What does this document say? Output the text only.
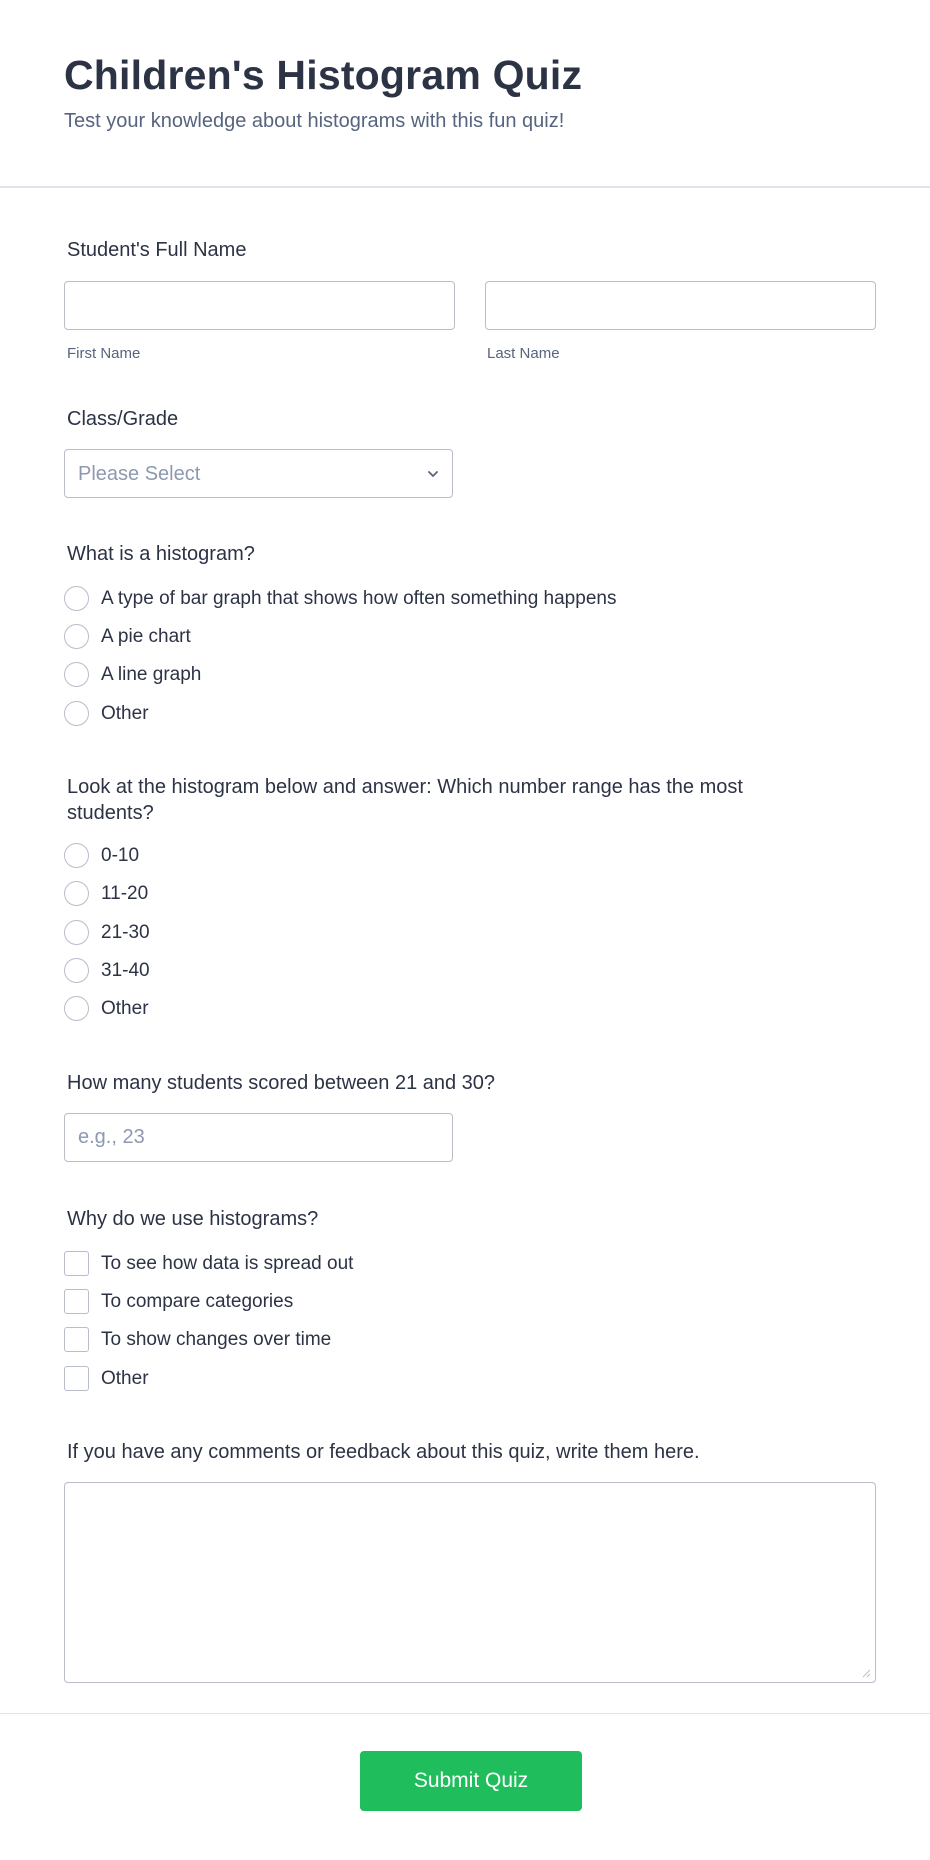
Children's Histogram Quiz
Test your knowledge about histograms with this fun quiz!
Student's Full Name
First Name	Last Name
Class/Grade
Please Select
What is a histogram?
A type of bar graph that shows how often something happens
A pie chart
A line graph
Other
Look at the histogram below and answer: Which number range has the most
students?
0-10
11-20
21-30
31-40
Other
How many students scored between 21 and 30?
e.g., 23
Why do we use histograms?
To see how data is spread out
To compare categories
To show changes over time
Other
If you have any comments or feedback about this quiz, write them here.
Submit Quiz
